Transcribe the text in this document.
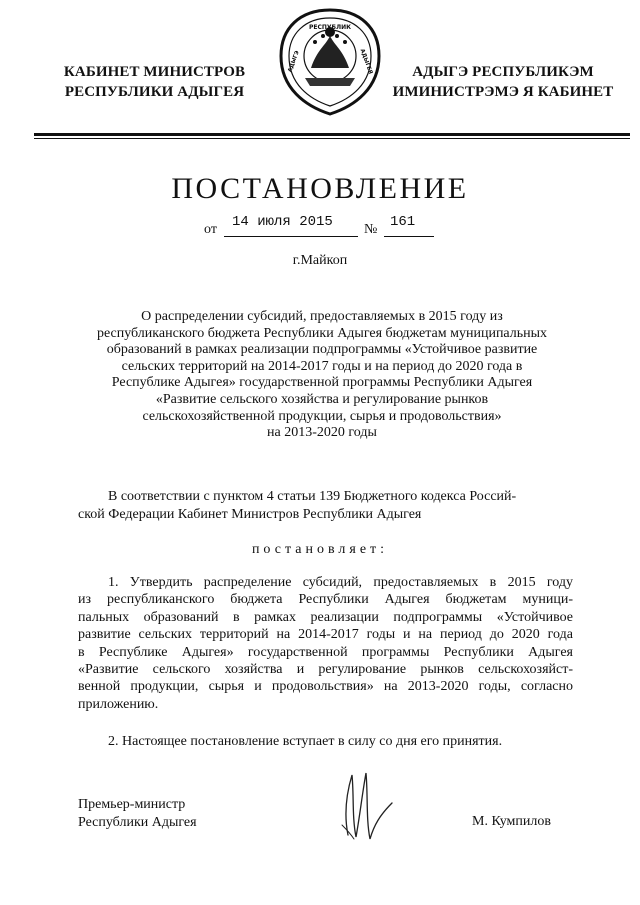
КАБИНЕТ МИНИСТРОВ
РЕСПУБЛИКИ АДЫГЕЯ
РЕСПУБЛИК
АДЫГЭ	АДЫГЕЯ	АДЫГЭ РЕСПУБЛИКЭМ
ИМИНИСТРЭМЭ Я КАБИНЕТ
ПОСТАНОВЛЕНИЕ
от 14 июля 2015 № 161
г.Майкоп
О распределении субсидий, предоставляемых в 2015 году из
республиканского бюджета Республики Адыгея бюджетам муниципальных
образований в рамках реализации подпрограммы «Устойчивое развитие
сельских территорий на 2014-2017 годы и на период до 2020 года в
Республике Адыгея» государственной программы Республики Адыгея
«Развитие сельского хозяйства и регулирование рынков
сельскохозяйственной продукции, сырья и продовольствия»
на 2013-2020 годы
В соответствии с пунктом 4 статьи 139 Бюджетного кодекса Россий-
ской Федерации Кабинет Министров Республики Адыгея
постановляет:
1. Утвердить распределение субсидий, предоставляемых в 2015 году
из республиканского бюджета Республики Адыгея бюджетам муници-
пальных образований в рамках реализации подпрограммы «Устойчивое
развитие сельских территорий на 2014-2017 годы и на период до 2020 года
в Республике Адыгея» государственной программы Республики Адыгея
«Развитие сельского хозяйства и регулирование рынков сельскохозяйст-
венной продукции, сырья и продовольствия» на 2013-2020 годы, согласно
приложению.
2. Настоящее постановление вступает в силу со дня его принятия.
Премьер-министр
Республики Адыгея	М. Кумпилов
